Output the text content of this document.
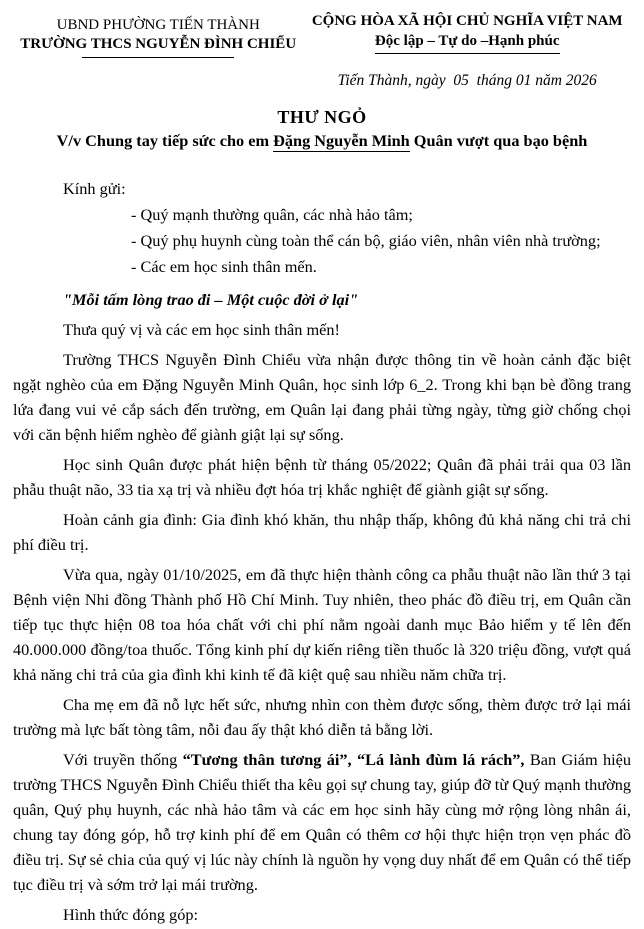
UBND PHƯỜNG TIẾN THÀNH
TRƯỜNG THCS NGUYỄN ĐÌNH CHIỂU
CỘNG HÒA XÃ HỘI CHỦ NGHĨA VIỆT NAM
Độc lập – Tự do –Hạnh phúc
Tiến Thành, ngày  05  tháng 01 năm 2026
THƯ NGỎ
V/v Chung tay tiếp sức cho em Đặng Nguyễn Minh Quân vượt qua bạo bệnh
Kính gửi:
- Quý mạnh thường quân, các nhà hảo tâm;
- Quý phụ huynh cùng toàn thể cán bộ, giáo viên, nhân viên nhà trường;
- Các em học sinh thân mến.
"Mỗi tấm lòng trao đi – Một cuộc đời ở lại"
Thưa quý vị và các em học sinh thân mến!
Trường THCS Nguyễn Đình Chiểu vừa nhận được thông tin về hoàn cảnh đặc biệt ngặt nghèo của em Đặng Nguyễn Minh Quân, học sinh lớp 6_2. Trong khi bạn bè đồng trang lứa đang vui vẻ cắp sách đến trường, em Quân lại đang phải từng ngày, từng giờ chống chọi với căn bệnh hiểm nghèo để giành giật lại sự sống.
Học sinh Quân được phát hiện bệnh từ tháng 05/2022; Quân đã phải trải qua 03 lần phẫu thuật não, 33 tia xạ trị và nhiều đợt hóa trị khắc nghiệt để giành giật sự sống.
Hoàn cảnh gia đình: Gia đình khó khăn, thu nhập thấp, không đủ khả năng chi trả chi phí điều trị.
Vừa qua, ngày 01/10/2025, em đã thực hiện thành công ca phẫu thuật não lần thứ 3 tại Bệnh viện Nhi đồng Thành phố Hồ Chí Minh. Tuy nhiên, theo phác đồ điều trị, em Quân cần tiếp tục thực hiện 08 toa hóa chất với chi phí nằm ngoài danh mục Bảo hiểm y tế lên đến 40.000.000 đồng/toa thuốc. Tổng kinh phí dự kiến riêng tiền thuốc là 320 triệu đồng, vượt quá khả năng chi trả của gia đình khi kinh tế đã kiệt quệ sau nhiều năm chữa trị.
Cha mẹ em đã nỗ lực hết sức, nhưng nhìn con thèm được sống, thèm được trở lại mái trường mà lực bất tòng tâm, nỗi đau ấy thật khó diễn tả bằng lời.
Với truyền thống “Tương thân tương ái”, “Lá lành đùm lá rách”, Ban Giám hiệu trường THCS Nguyễn Đình Chiểu thiết tha kêu gọi sự chung tay, giúp đỡ từ Quý mạnh thường quân, Quý phụ huynh, các nhà hảo tâm và các em học sinh hãy cùng mở rộng lòng nhân ái, chung tay đóng góp, hỗ trợ kinh phí để em Quân có thêm cơ hội thực hiện trọn vẹn phác đồ điều trị. Sự sẻ chia của quý vị lúc này chính là nguồn hy vọng duy nhất để em Quân có thể tiếp tục điều trị và sớm trở lại mái trường.
Hình thức đóng góp:
